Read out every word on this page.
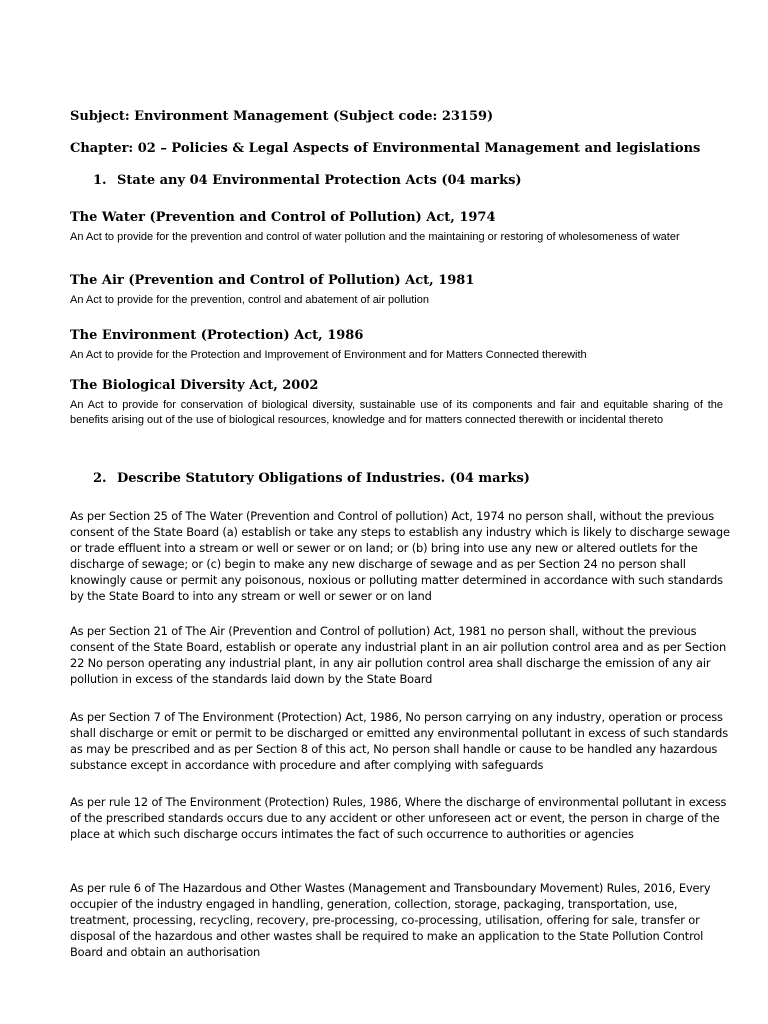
Subject: Environment Management (Subject code: 23159)

Chapter: 02 – Policies & Legal Aspects of Environmental Management and legislations

1. State any 04 Environmental Protection Acts (04 marks)

The Water (Prevention and Control of Pollution) Act, 1974

An Act to provide for the prevention and control of water pollution and the maintaining or restoring of wholesomeness of water

The Air (Prevention and Control of Pollution) Act, 1981

An Act to provide for the prevention, control and abatement of air pollution

The Environment (Protection) Act, 1986

An Act to provide for the Protection and Improvement of Environment and for Matters Connected therewith

The Biological Diversity Act, 2002

An Act to provide for conservation of biological diversity, sustainable use of its components and fair and equitable sharing of the benefits arising out of the use of biological resources, knowledge and for matters connected therewith or incidental thereto

2. Describe Statutory Obligations of Industries. (04 marks)

As per Section 25 of The Water (Prevention and Control of pollution) Act, 1974 no person shall, without the previous consent of the State Board (a) establish or take any steps to establish any industry which is likely to discharge sewage or trade effluent into a stream or well or sewer or on land; or (b) bring into use any new or altered outlets for the discharge of sewage; or (c) begin to make any new discharge of sewage and as per Section 24 no person shall knowingly cause or permit any poisonous, noxious or polluting matter determined in accordance with such standards by the State Board to into any stream or well or sewer or on land

As per Section 21 of The Air (Prevention and Control of pollution) Act, 1981 no person shall, without the previous consent of the State Board, establish or operate any industrial plant in an air pollution control area and as per Section 22 No person operating any industrial plant, in any air pollution control area shall discharge the emission of any air pollution in excess of the standards laid down by the State Board

As per Section 7 of The Environment (Protection) Act, 1986, No person carrying on any industry, operation or process shall discharge or emit or permit to be discharged or emitted any environmental pollutant in excess of such standards as may be prescribed and as per Section 8 of this act, No person shall handle or cause to be handled any hazardous substance except in accordance with procedure and after complying with safeguards

As per rule 12 of The Environment (Protection) Rules, 1986, Where the discharge of environmental pollutant in excess of the prescribed standards occurs due to any accident or other unforeseen act or event, the person in charge of the place at which such discharge occurs intimates the fact of such occurrence to authorities or agencies

As per rule 6 of The Hazardous and Other Wastes (Management and Transboundary Movement) Rules, 2016, Every occupier of the industry engaged in handling, generation, collection, storage, packaging, transportation, use, treatment, processing, recycling, recovery, pre-processing, co-processing, utilisation, offering for sale, transfer or disposal of the hazardous and other wastes shall be required to make an application to the State Pollution Control Board and obtain an authorisation
